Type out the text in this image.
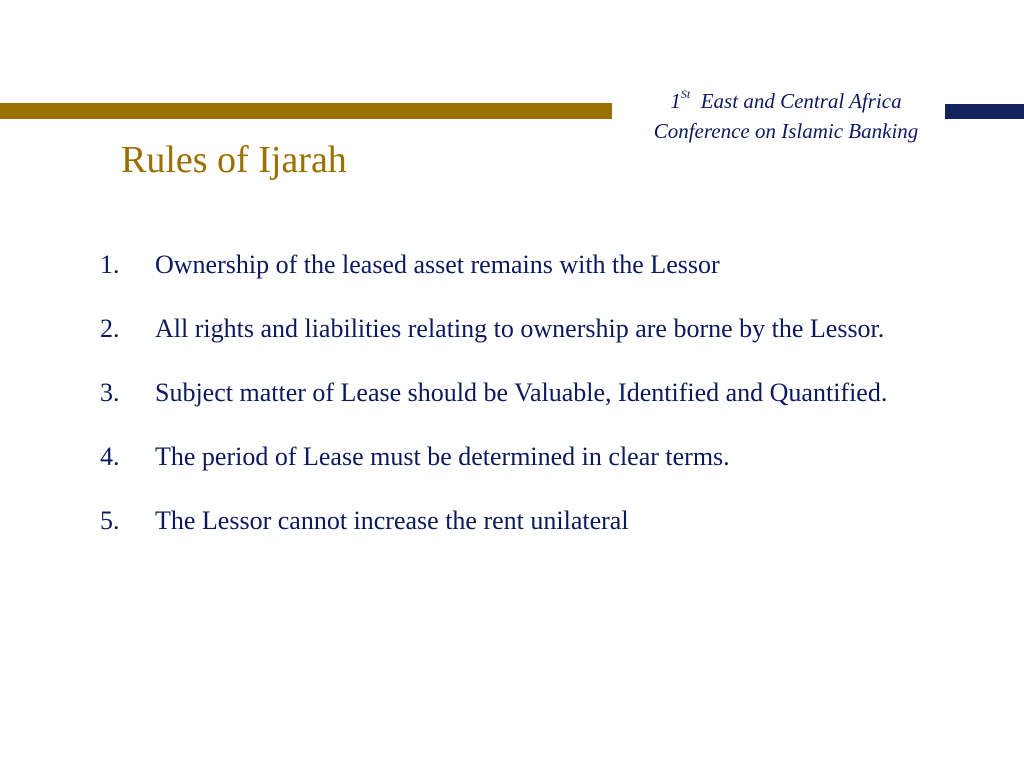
1St East and Central Africa
Conference on Islamic Banking
Rules of Ijarah
1. Ownership of the leased asset remains with the Lessor
2. All rights and liabilities relating to ownership are borne by the Lessor.
3. Subject matter of Lease should be Valuable, Identified and Quantified.
4. The period of Lease must be determined in clear terms.
5. The Lessor cannot increase the rent unilateral
